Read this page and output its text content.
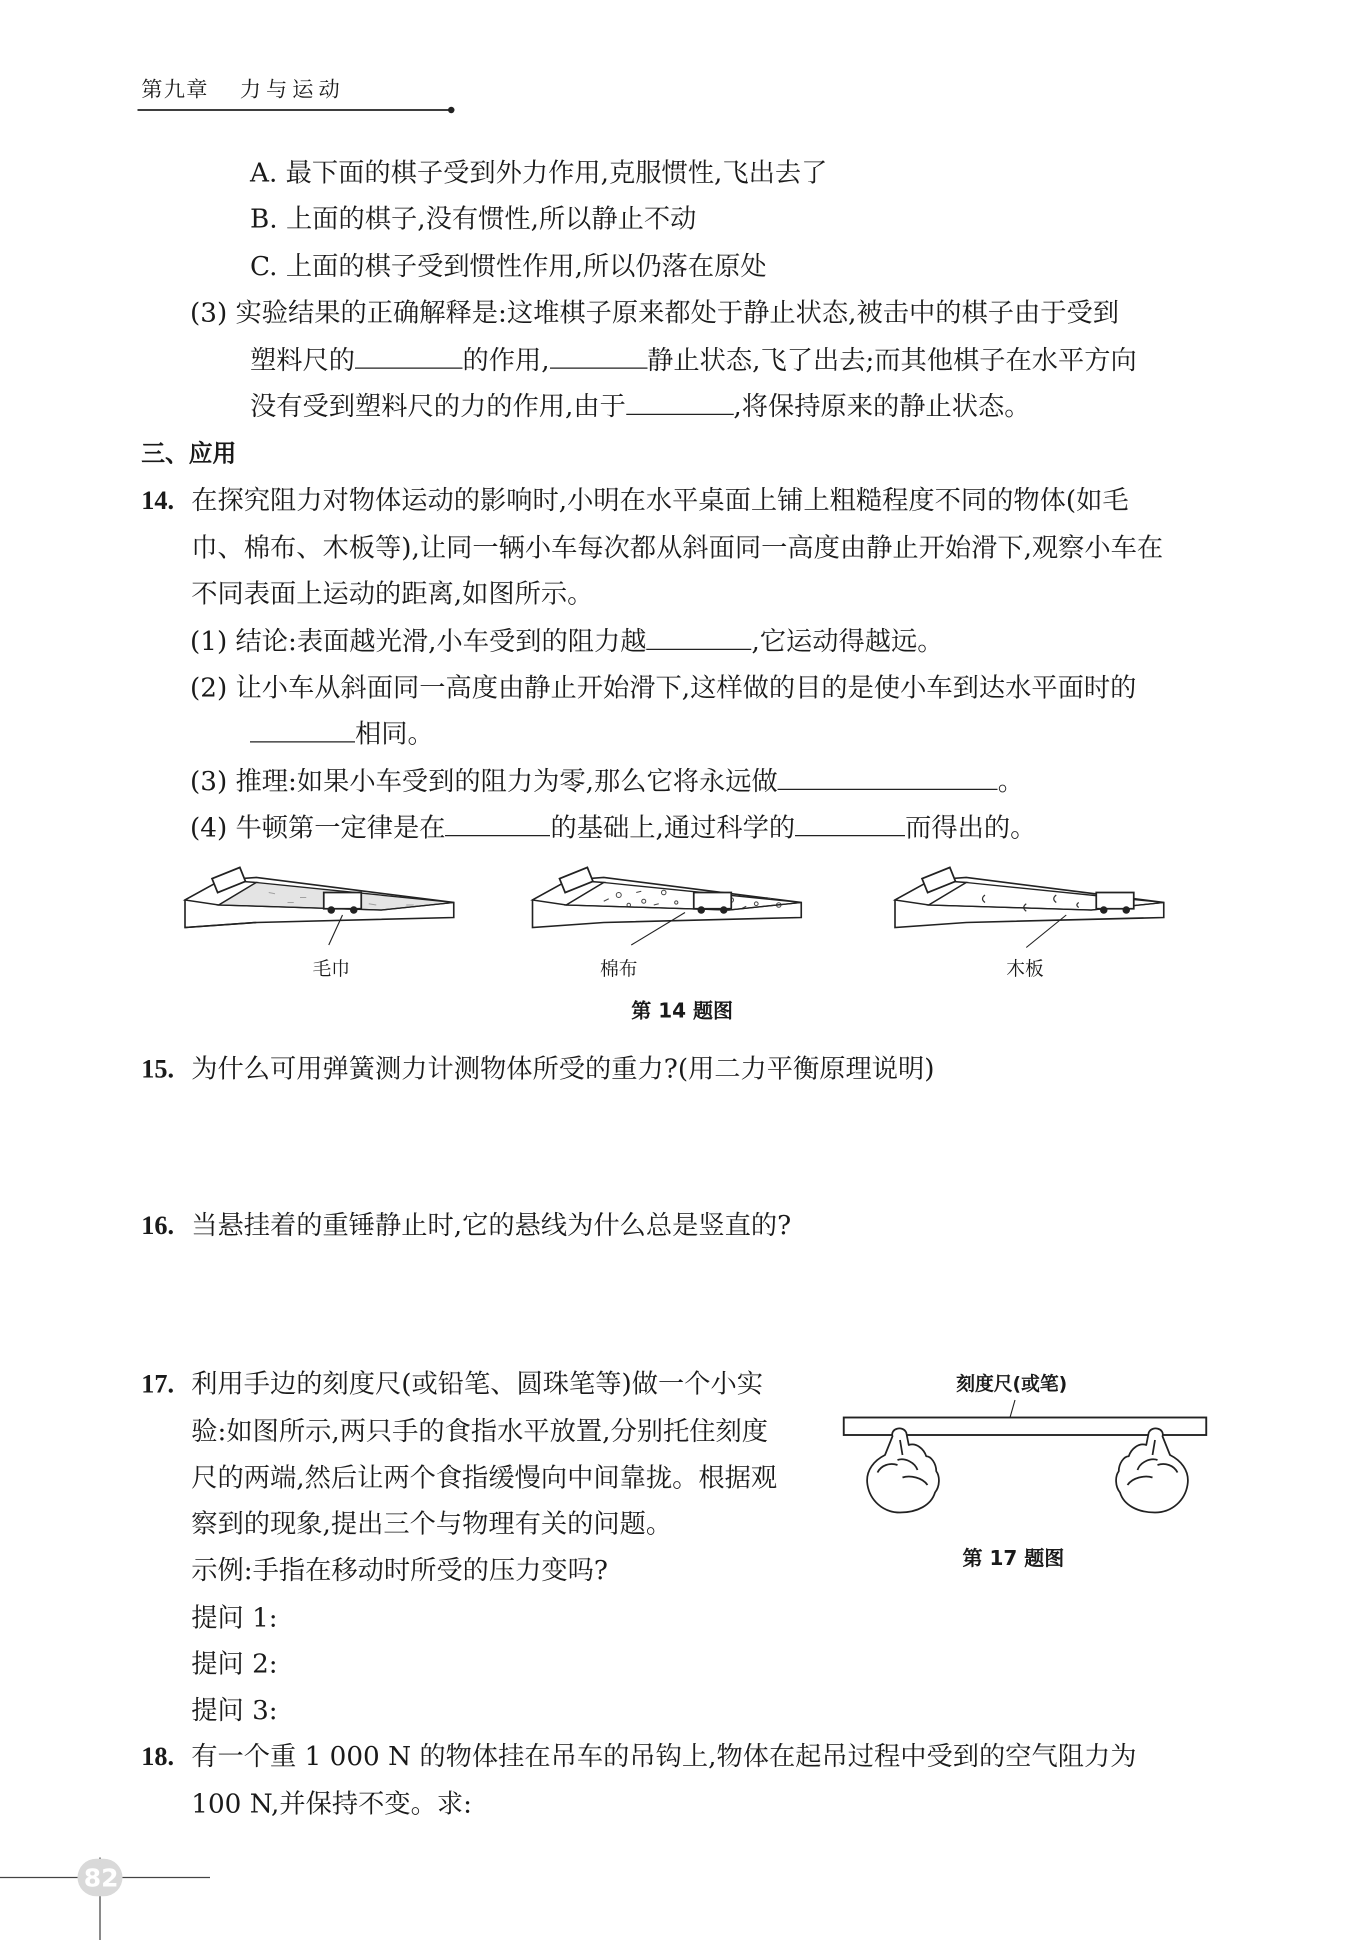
第九章 力与运动
A. 最下面的棋子受到外力作用,克服惯性,飞出去了
B. 上面的棋子,没有惯性,所以静止不动
C. 上面的棋子受到惯性作用,所以仍落在原处
(3) 实验结果的正确解释是:这堆棋子原来都处于静止状态,被击中的棋子由于受到
塑料尺的	的作用,	静止状态,飞了出去;而其他棋子在水平方向
没有受到塑料尺的力的作用,由于	,将保持原来的静止状态。
三、应用
14. 在探究阻力对物体运动的影响时,小明在水平桌面上铺上粗糙程度不同的物体(如毛
巾、棉布、木板等),让同一辆小车每次都从斜面同一高度由静止开始滑下,观察小车在
不同表面上运动的距离,如图所示。
(1) 结论:表面越光滑,小车受到的阻力越	,它运动得越远。
(2) 让小车从斜面同一高度由静止开始滑下,这样做的目的是使小车到达水平面时的
相同。
(3) 推理:如果小车受到的阻力为零,那么它将永远做	。
(4) 牛顿第一定律是在	的基础上,通过科学的	而得出的。
毛巾	棉布	木板
第 14 题图
15. 为什么可用弹簧测力计测物体所受的重力?(用二力平衡原理说明)
16. 当悬挂着的重锤静止时,它的悬线为什么总是竖直的?
17. 利用手边的刻度尺(或铅笔、圆珠笔等)做一个小实
验:如图所示,两只手的食指水平放置,分别托住刻度
尺的两端,然后让两个食指缓慢向中间靠拢。根据观
察到的现象,提出三个与物理有关的问题。
示例:手指在移动时所受的压力变吗?
提问 1:
提问 2:
提问 3:
刻度尺(或笔)
第 17 题图
18. 有一个重 1 000 N 的物体挂在吊车的吊钩上,物体在起吊过程中受到的空气阻力为
100 N,并保持不变。求:
82
